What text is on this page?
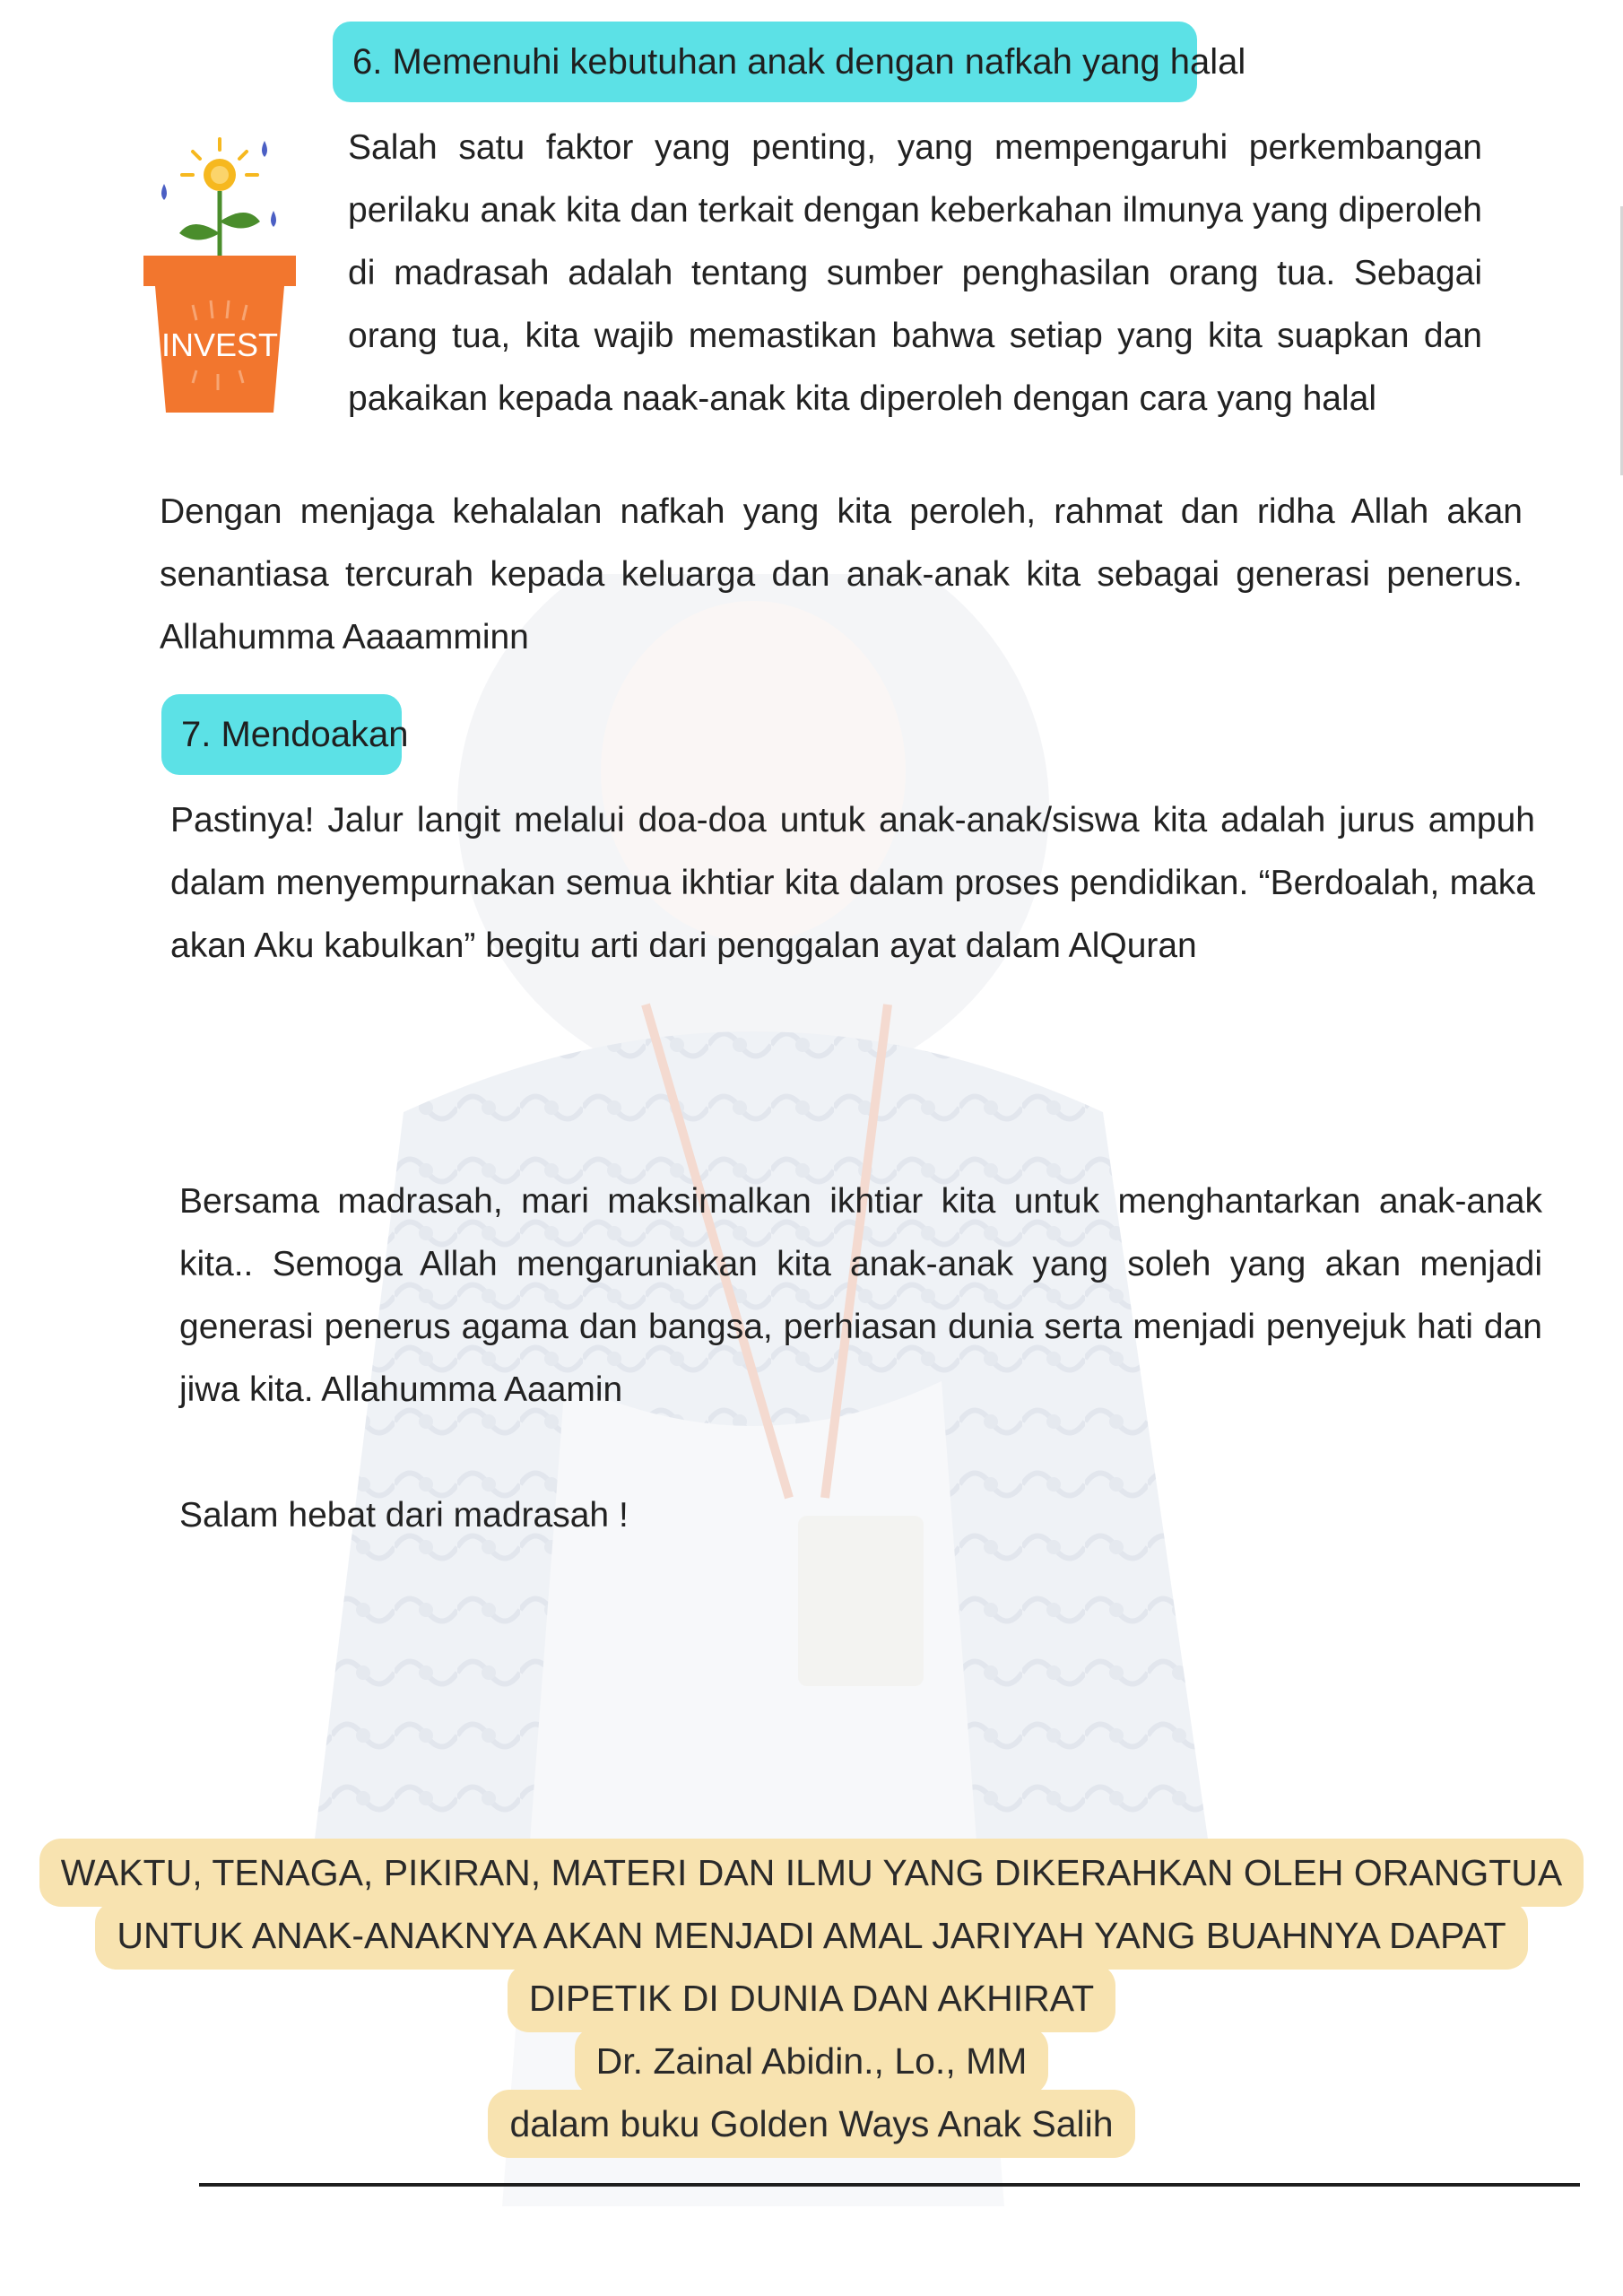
6. Memenuhi kebutuhan anak dengan nafkah yang halal
INVEST

Salah satu faktor yang penting, yang mempengaruhi perkembangan perilaku anak kita dan terkait dengan keberkahan ilmunya yang diperoleh di madrasah adalah tentang sumber penghasilan orang tua. Sebagai orang tua, kita wajib memastikan bahwa setiap yang kita suapkan dan pakaikan kepada naak-anak kita diperoleh dengan cara yang halal

Dengan menjaga kehalalan nafkah yang kita peroleh, rahmat dan ridha Allah akan senantiasa tercurah kepada keluarga dan anak-anak kita sebagai generasi penerus. Allahumma Aaaamminn

7. Mendoakan

Pastinya! Jalur langit melalui doa-doa untuk anak-anak/siswa kita adalah jurus ampuh dalam menyempurnakan semua ikhtiar kita dalam proses pendidikan. “Berdoalah, maka akan Aku kabulkan” begitu arti dari penggalan ayat dalam AlQuran

Bersama madrasah, mari maksimalkan ikhtiar kita untuk menghantarkan anak-anak kita.. Semoga Allah mengaruniakan kita anak-anak yang soleh yang akan menjadi generasi penerus agama dan bangsa, perhiasan dunia serta menjadi penyejuk hati dan jiwa kita. Allahumma Aaamin

Salam hebat dari madrasah !

WAKTU, TENAGA, PIKIRAN, MATERI DAN ILMU YANG DIKERAHKAN OLEH ORANGTUA
UNTUK ANAK-ANAKNYA AKAN MENJADI AMAL JARIYAH YANG BUAHNYA DAPAT
DIPETIK DI DUNIA DAN AKHIRAT
Dr. Zainal Abidin., Lo., MM
dalam buku Golden Ways Anak Salih
